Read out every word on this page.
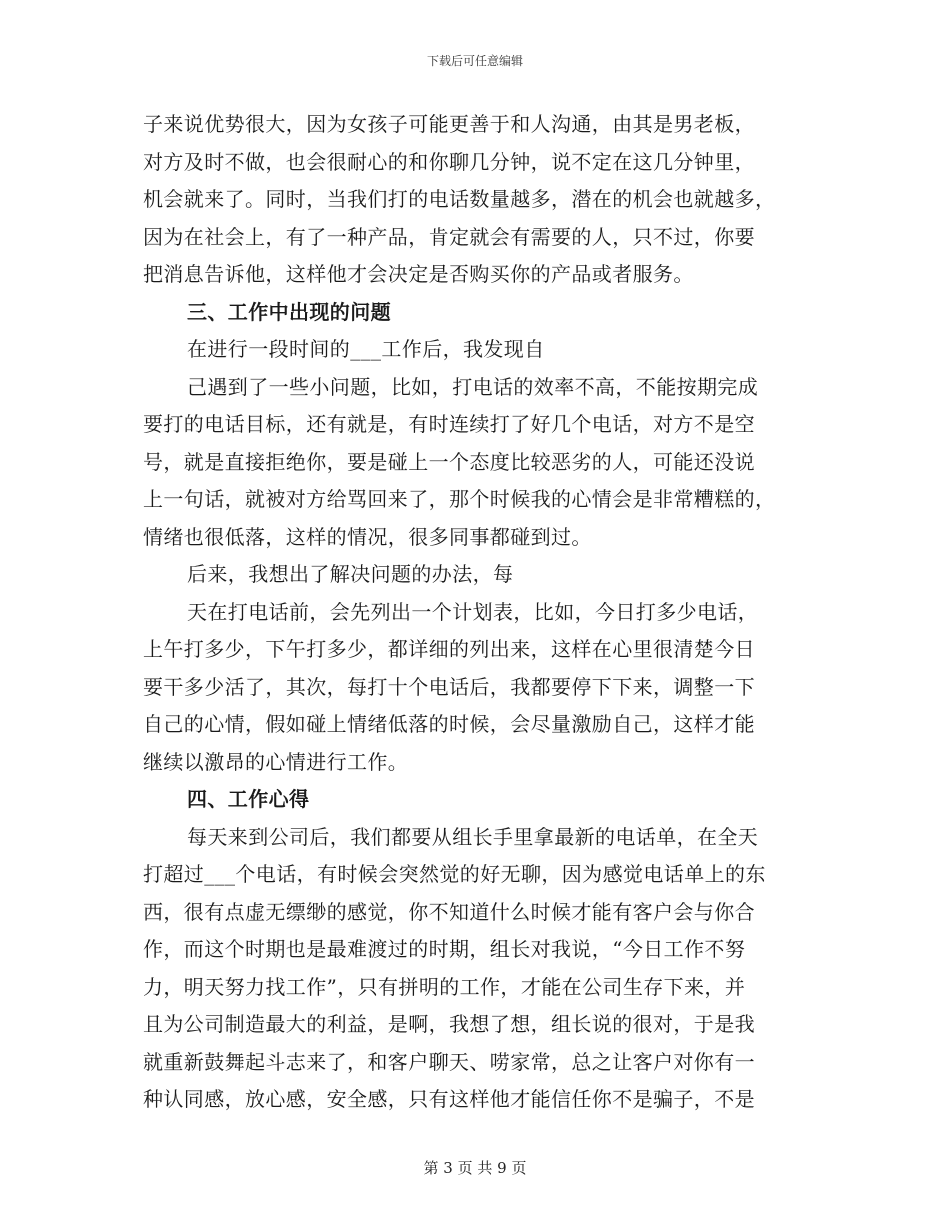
下载后可任意编辑
子来说优势很大，因为女孩子可能更善于和人沟通，由其是男老板，
对方及时不做，也会很耐心的和你聊几分钟，说不定在这几分钟里，
机会就来了。同时，当我们打的电话数量越多，潜在的机会也就越多，
因为在社会上，有了一种产品，肯定就会有需要的人，只不过，你要
把消息告诉他，这样他才会决定是否购买你的产品或者服务。
三、工作中出现的问题
在进行一段时间的___工作后，我发现自
己遇到了一些小问题，比如，打电话的效率不高，不能按期完成
要打的电话目标，还有就是，有时连续打了好几个电话，对方不是空
号，就是直接拒绝你，要是碰上一个态度比较恶劣的人，可能还没说
上一句话，就被对方给骂回来了，那个时候我的心情会是非常糟糕的，
情绪也很低落，这样的情况，很多同事都碰到过。
后来，我想出了解决问题的办法，每
天在打电话前，会先列出一个计划表，比如，今日打多少电话，
上午打多少，下午打多少，都详细的列出来，这样在心里很清楚今日
要干多少活了，其次，每打十个电话后，我都要停下下来，调整一下
自己的心情，假如碰上情绪低落的时候，会尽量激励自己，这样才能
继续以激昂的心情进行工作。
四、工作心得
每天来到公司后，我们都要从组长手里拿最新的电话单，在全天
打超过___个电话，有时候会突然觉的好无聊，因为感觉电话单上的东
西，很有点虚无缥缈的感觉，你不知道什么时候才能有客户会与你合
作，而这个时期也是最难渡过的时期，组长对我说，“今日工作不努
力，明天努力找工作”，只有拼明的工作，才能在公司生存下来，并
且为公司制造最大的利益，是啊，我想了想，组长说的很对，于是我
就重新鼓舞起斗志来了，和客户聊天、唠家常，总之让客户对你有一
种认同感，放心感，安全感，只有这样他才能信任你不是骗子，不是
第 3 页 共 9 页
